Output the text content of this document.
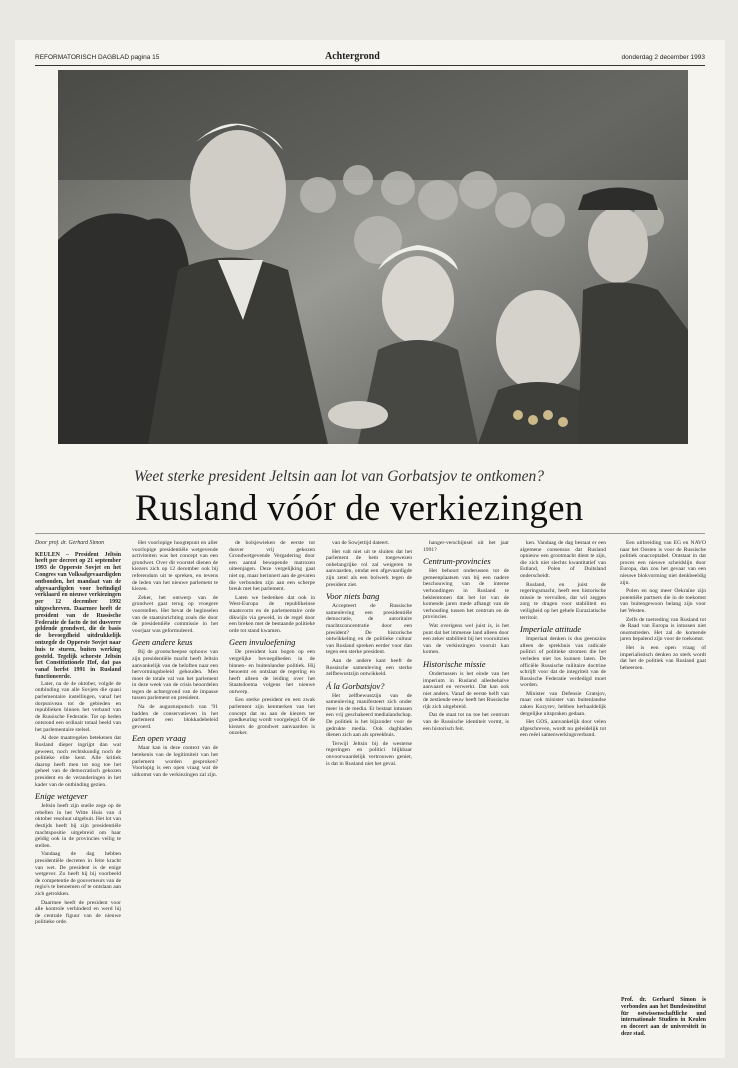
REFORMATORISCH DAGBLAD pagina 15	Achtergrond	donderdag 2 december 1993
Weet sterke president Jeltsin aan lot van Gorbatsjov te ontkomen?
Rusland vóór de verkiezingen
Door prof. dr. Gerhard Simon
KEULEN – President Jeltsin heeft per decreet op 21 september 1993 de Opperste Sovjet en het Congres van Volksafgevaardigden ontbonden, het mandaat van de afgevaardigden voor beëindigd verklaard en nieuwe verkiezingen per 12 december 1992 uitgeschreven. Daarmee heeft de president van de Russische Federatie de facto de tot dusverre geldende grondwet, die de basis de bevoegdheid uitdrukkelijk ontzegde de Opperste Sovjet naar huis te sturen, buiten werking gesteld. Tegelijk schorste Jeltsin het Constitutionele Hof, dat pas vanaf herfst 1991 in Rusland functioneerde.

Later, na de 4e oktober, volgde de ontbinding van alle Sovjets die quasi parlementaire instellingen, vanaf het dorpsniveau tot de gebieden en republieken binnen het verband van de Russische Federatie. Tot op heden ontstond een ordinair totaal beeld van het parlementaire stelsel.

Al deze maatregelen betekenen dat Rusland dieper ingrijpt dan wat geweest, noch rechtskundig noch de politieke elite kent. Alle kritiek daarop heeft men tot nog toe het geheel van de democratisch gekozen president en de veranderingen in het kader van de ontbinding gezien.

Enige wetgever

Jeltsin heeft zijn snelle zege op de rebellen in het Witte Huis van 4 oktober resoluut uitgebuit. Het lot van destijds heeft bij zijn presidentiële machtspositie uitgebreid om haar geldig ook in de provincies veilig te stellen.

Vandaag de dag hebben presidentiële decreten in feite kracht van wet. De president is de enige wetgever. Zo heeft hij bij voorbeeld de competentie de gouverneurs van de regio's te benoemen of te ontslaan aan zich getrokken.

Daarmee heeft de president voor alle kontrole verhinderd en werd hij de centrale figuur van de nieuwe politieke orde.

Het voorlopige hoogtepunt en aller voorlopige presidentiële wetgevende activiteiten was het concept van een grondwet. Over dit voorstel dienen de kiezers zich op 12 december ook bij referendum uit te spreken, en tevens de leden van het nieuwe parlement te kiezen.

Zeker, het ontwerp van de grondwet gaat terug op vroegere voorstellen. Het bevat de beginselen van de staatsinrichting zoals die door de presidentiële commissie in het voorjaar was geformuleerd.

Geen andere keus

Bij de grootscheepse ophouw van zijn presidentiële macht heeft Jeltsin aanvankelijk van de beloften naar een hervormingsbeleid gehouden. Men moet de totale val van het parlement in deze week van de crisis beoordelen tegen de achtergrond van de impasse tussen parlement en president.

Na de augustusputsch van '91 hadden de conservatieven in het parlement een blokkadebeleid gevoerd.

Een open vraag

Maar kan in deze context van de betekenis van de legitimiteit van het parlement worden gesproken? Voorlopig is een open vraag wat de uitkomst van de verkiezingen zal zijn.

de bolsjewieken de eerste tot dusver vrij gekozen Grondwetgevende Vergadering door een aantal bewapende matrozen uiteenjagen. Deze vergelijking gaat niet op, maar herinnert aan de gevaren die verbonden zijn aan een scherpe breuk met het parlement.

Laten we bedenken dat ook in West-Europa de republikeinse staatsvorm en de parlementaire orde dikwijls via geweld, in de regel door een breken met de bestaande politieke orde tot stand kwamen.

Geen invuloefening

De president kan bogen op een vergelijke bevoegdheden in de binnen- en buitenlandse politiek. Hij benoemt en ontslaat de regering en heeft alleen de leiding over het Staatsdoema volgens het nieuwe ontwerp.

Een sterke president en een zwak parlement zijn kenmerken van het concept dat nu aan de kiezers ter goedkeuring wordt voorgelegd. Of de kiezers de grondwet aanvaarden is onzeker.

van de Sowjettijd dateert.

Het valt niet uit te sluiten dat het parlement de hem toegewezen onbelangrijke rol zal weigeren te aanvaarden, omdat een afgevaardigde zijn zetel als een bolwerk tegen de president ziet.

Voor niets bang

Accepteert de Russische samenleving een presidentiële democratie, de autoritaire machtsconcentratie door een president? De historische ontwikkeling en de politieke cultuur van Rusland spreken eerder voor dan tegen een sterke president.

Aan de andere kant heeft de Russische samenleving een sterke zelfbewustzijn ontwikkeld.

Á la Gorbatsjov?

Het zelfbewustzijn van de samenleving manifesteert zich onder meer in de media. Er bestaat intussen een vrij geschakeerd medialandschap. De politiek is het bijzonder voor de gedrukte media. Ook dagbladen dienen zich aan als spreekbuis.

Terwijl Jeltsin bij de westerse regeringen en politici blijkbaar onvoorwaardelijk vertrouwen geniet, is dat in Rusland niet het geval.

hanger-verschijnsel uit het jaar 1991?

Centrum-provincies

Het behoort onderussen tot de gemeenplaatsen van bij een nadere beschouwing van de interne verhoudingen in Rusland te beklemtonen dat het lot van de komende jaren mede afhangt van de verhouding tussen het centrum en de provincies.

Wat overigens wel juist is, is het punt dat het immense land alleen door een zeker stabiliteit bij het vooruitzien van de verkiezingen vooruit kan komen.

Historische missie

Ondertussen is het einde van het imperium in Rusland allesbehalve aanvaard en verwerkt. Dat kan ook niet anders. Vanaf de eerste helft van de zestiende eeuw heeft het Russische rijk zich uitgebreid.

Dat de staat tot nu toe het centrum van de Russische identiteit vormt, is een historisch feit.

ken. Vandaag de dag bestaat er een algemene consensus dat Rusland opnieuw een grootmacht dient te zijn, die zich niet slechts kwantitatief van Estland, Polen of Duitsland onderscheidt.

Rusland, en juist de regeringsmacht, heeft een historische missie te vervullen, dat wil zeggen zorg te dragen voor stabiliteit en veiligheid op het gehele Euraziatische territoir.

Imperiale attitude

Imperiaal denken is dus geenszins alleen de sprekbuis van radicale politici of politieke stromen die het verleden niet los kunnen laten. De officiële Russische militaire doctrine schrijft voor dat de integriteit van de Russische Federatie verdedigd moet worden.

Minister van Defensie Gratsjov, maar ook minister van buitenlandse zaken Kozyrev, hebben herhaaldelijk dergelijke uitspraken gedaan.

Het GOS, aanvankelijk door velen afgeschreven, wordt nu geleidelijk tot een reëel samenwerkingsverband.

Een uitbreiding van EG en NAVO naar het Oosten is voor de Russische politiek onacceptabel. Ontstaat in dat proces een nieuwe scheidslijn door Europa, dan zou het gevaar van een nieuwe blokvorming niet denkbeeldig zijn.

Polen en nog meer Oekraïne zijn potentiële partners die in de toekomst van buitengewoon belang zijn voor het Westen.

Zelfs de toetreding van Rusland tot de Raad van Europa is intussen niet onomstreden. Het zal de komende jaren bepalend zijn voor de toekomst.

Het is een open vraag of imperialistisch denken zo sterk wordt dat het de politiek van Rusland gaat beheersen.

Prof. dr. Gerhard Simon is verbonden aan het Bundesinstitut für ostwissenschaftliche und internationale Studien in Keulen en doceert aan de universiteit in deze stad.
